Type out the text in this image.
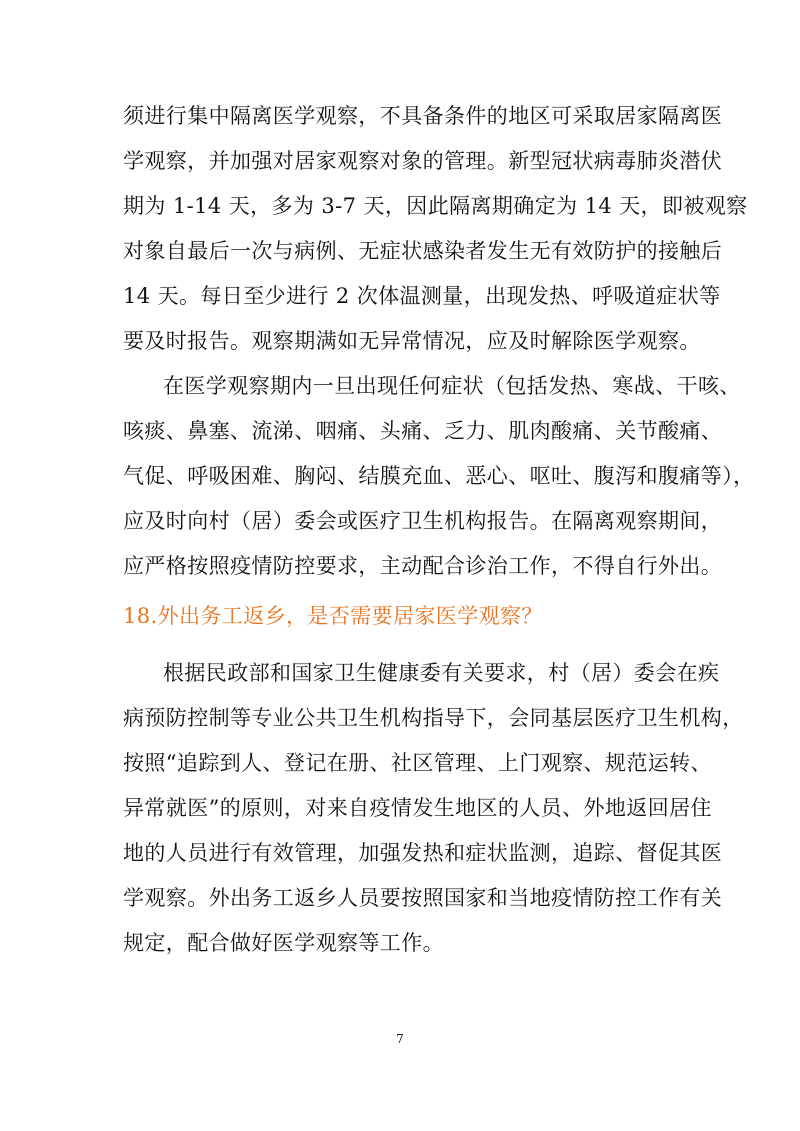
须进行集中隔离医学观察，不具备条件的地区可采取居家隔离医
学观察，并加强对居家观察对象的管理。新型冠状病毒肺炎潜伏
期为 1-14 天，多为 3-7 天，因此隔离期确定为 14 天，即被观察
对象自最后一次与病例、无症状感染者发生无有效防护的接触后
14 天。每日至少进行 2 次体温测量，出现发热、呼吸道症状等
要及时报告。观察期满如无异常情况，应及时解除医学观察。
在医学观察期内一旦出现任何症状（包括发热、寒战、干咳、
咳痰、鼻塞、流涕、咽痛、头痛、乏力、肌肉酸痛、关节酸痛、
气促、呼吸困难、胸闷、结膜充血、恶心、呕吐、腹泻和腹痛等），
应及时向村（居）委会或医疗卫生机构报告。在隔离观察期间，
应严格按照疫情防控要求，主动配合诊治工作，不得自行外出。
18.外出务工返乡，是否需要居家医学观察？
根据民政部和国家卫生健康委有关要求，村（居）委会在疾
病预防控制等专业公共卫生机构指导下，会同基层医疗卫生机构，
按照“追踪到人、登记在册、社区管理、上门观察、规范运转、
异常就医”的原则，对来自疫情发生地区的人员、外地返回居住
地的人员进行有效管理，加强发热和症状监测，追踪、督促其医
学观察。外出务工返乡人员要按照国家和当地疫情防控工作有关
规定，配合做好医学观察等工作。
7
